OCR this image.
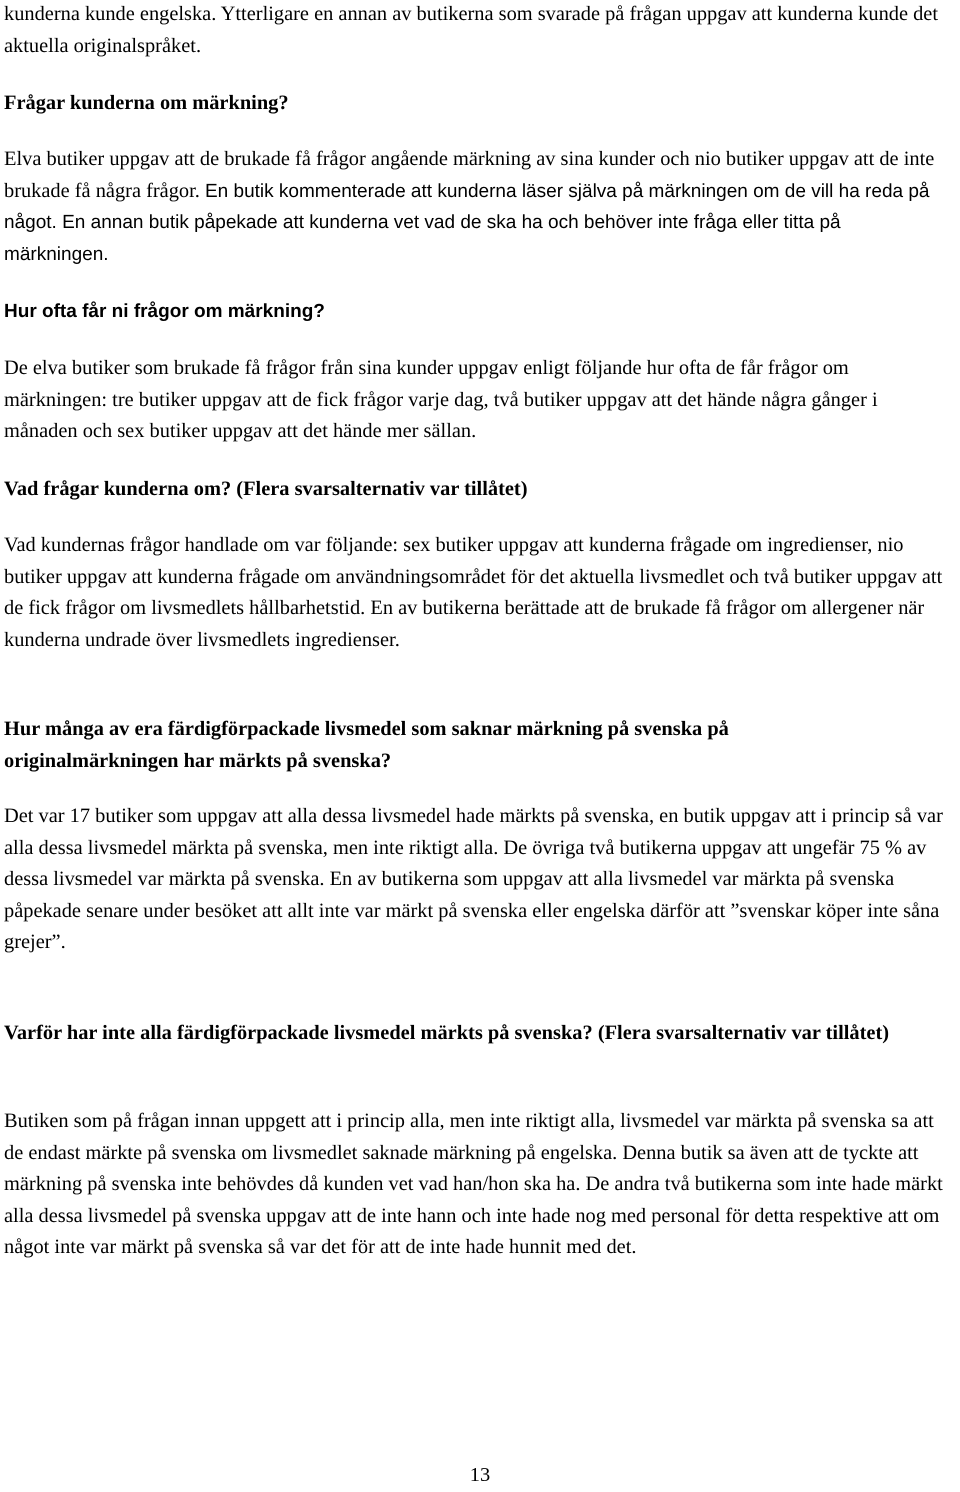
kunderna kunde engelska. Ytterligare en annan av butikerna som svarade på frågan uppgav att kunderna kunde det aktuella originalspråket.

Frågar kunderna om märkning?

Elva butiker uppgav att de brukade få frågor angående märkning av sina kunder och nio butiker uppgav att de inte brukade få några frågor. En butik kommenterade att kunderna läser själva på märkningen om de vill ha reda på något. En annan butik påpekade att kunderna vet vad de ska ha och behöver inte fråga eller titta på märkningen.

Hur ofta får ni frågor om märkning?

De elva butiker som brukade få frågor från sina kunder uppgav enligt följande hur ofta de får frågor om märkningen: tre butiker uppgav att de fick frågor varje dag, två butiker uppgav att det hände några gånger i månaden och sex butiker uppgav att det hände mer sällan.

Vad frågar kunderna om? (Flera svarsalternativ var tillåtet)

Vad kundernas frågor handlade om var följande: sex butiker uppgav att kunderna frågade om ingredienser, nio butiker uppgav att kunderna frågade om användningsområdet för det aktuella livsmedlet och två butiker uppgav att de fick frågor om livsmedlets hållbarhetstid. En av butikerna berättade att de brukade få frågor om allergener när kunderna undrade över livsmedlets ingredienser.

Hur många av era färdigförpackade livsmedel som saknar märkning på svenska på originalmärkningen har märkts på svenska?

Det var 17 butiker som uppgav att alla dessa livsmedel hade märkts på svenska, en butik uppgav att i princip så var alla dessa livsmedel märkta på svenska, men inte riktigt alla. De övriga två butikerna uppgav att ungefär 75 % av dessa livsmedel var märkta på svenska. En av butikerna som uppgav att alla livsmedel var märkta på svenska påpekade senare under besöket att allt inte var märkt på svenska eller engelska därför att ”svenskar köper inte såna grejer”.

Varför har inte alla färdigförpackade livsmedel märkts på svenska? (Flera svarsalternativ var tillåtet)

Butiken som på frågan innan uppgett att i princip alla, men inte riktigt alla, livsmedel var märkta på svenska sa att de endast märkte på svenska om livsmedlet saknade märkning på engelska. Denna butik sa även att de tyckte att märkning på svenska inte behövdes då kunden vet vad han/hon ska ha. De andra två butikerna som inte hade märkt alla dessa livsmedel på svenska uppgav att de inte hann och inte hade nog med personal för detta respektive att om något inte var märkt på svenska så var det för att de inte hade hunnit med det.

13
